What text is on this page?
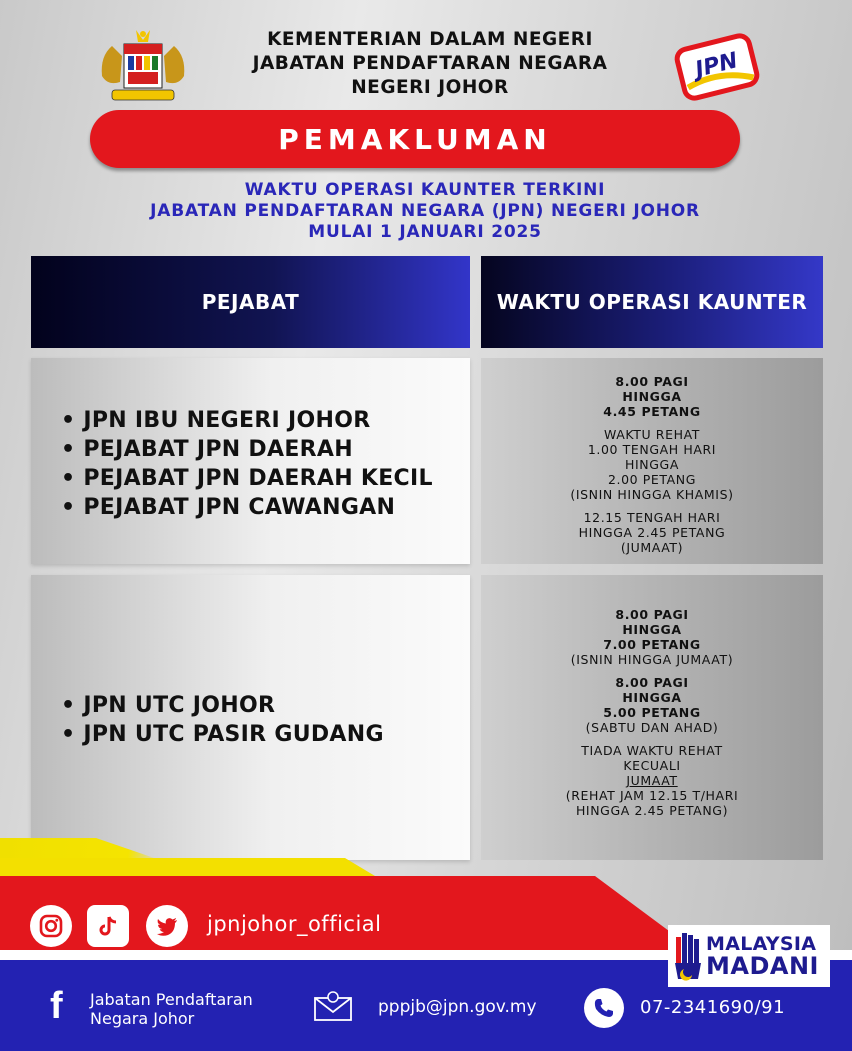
KEMENTERIAN DALAM NEGERI
JABATAN PENDAFTARAN NEGARA
NEGERI JOHOR
JPN
PEMAKLUMAN
WAKTU OPERASI KAUNTER TERKINI
JABATAN PENDAFTARAN NEGARA (JPN) NEGERI JOHOR
MULAI 1 JANUARI 2025
PEJABAT	WAKTU OPERASI KAUNTER
• JPN IBU NEGERI JOHOR
• PEJABAT JPN DAERAH
• PEJABAT JPN DAERAH KECIL
• PEJABAT JPN CAWANGAN
8.00 PAGI
HINGGA
4.45 PETANG
WAKTU REHAT
1.00 TENGAH HARI
HINGGA
2.00 PETANG
(ISNIN HINGGA KHAMIS)
12.15 TENGAH HARI
HINGGA 2.45 PETANG
(JUMAAT)
• JPN UTC JOHOR
• JPN UTC PASIR GUDANG
8.00 PAGI
HINGGA
7.00 PETANG
(ISNIN HINGGA JUMAAT)
8.00 PAGI
HINGGA
5.00 PETANG
(SABTU DAN AHAD)
TIADA WAKTU REHAT
KECUALI
JUMAAT
(REHAT JAM 12.15 T/HARI
HINGGA 2.45 PETANG)
jpnjohor_official
MALAYSIA
MADANI
f Jabatan Pendaftaran
Negara Johor
pppjb@jpn.gov.my	07-2341690/91
